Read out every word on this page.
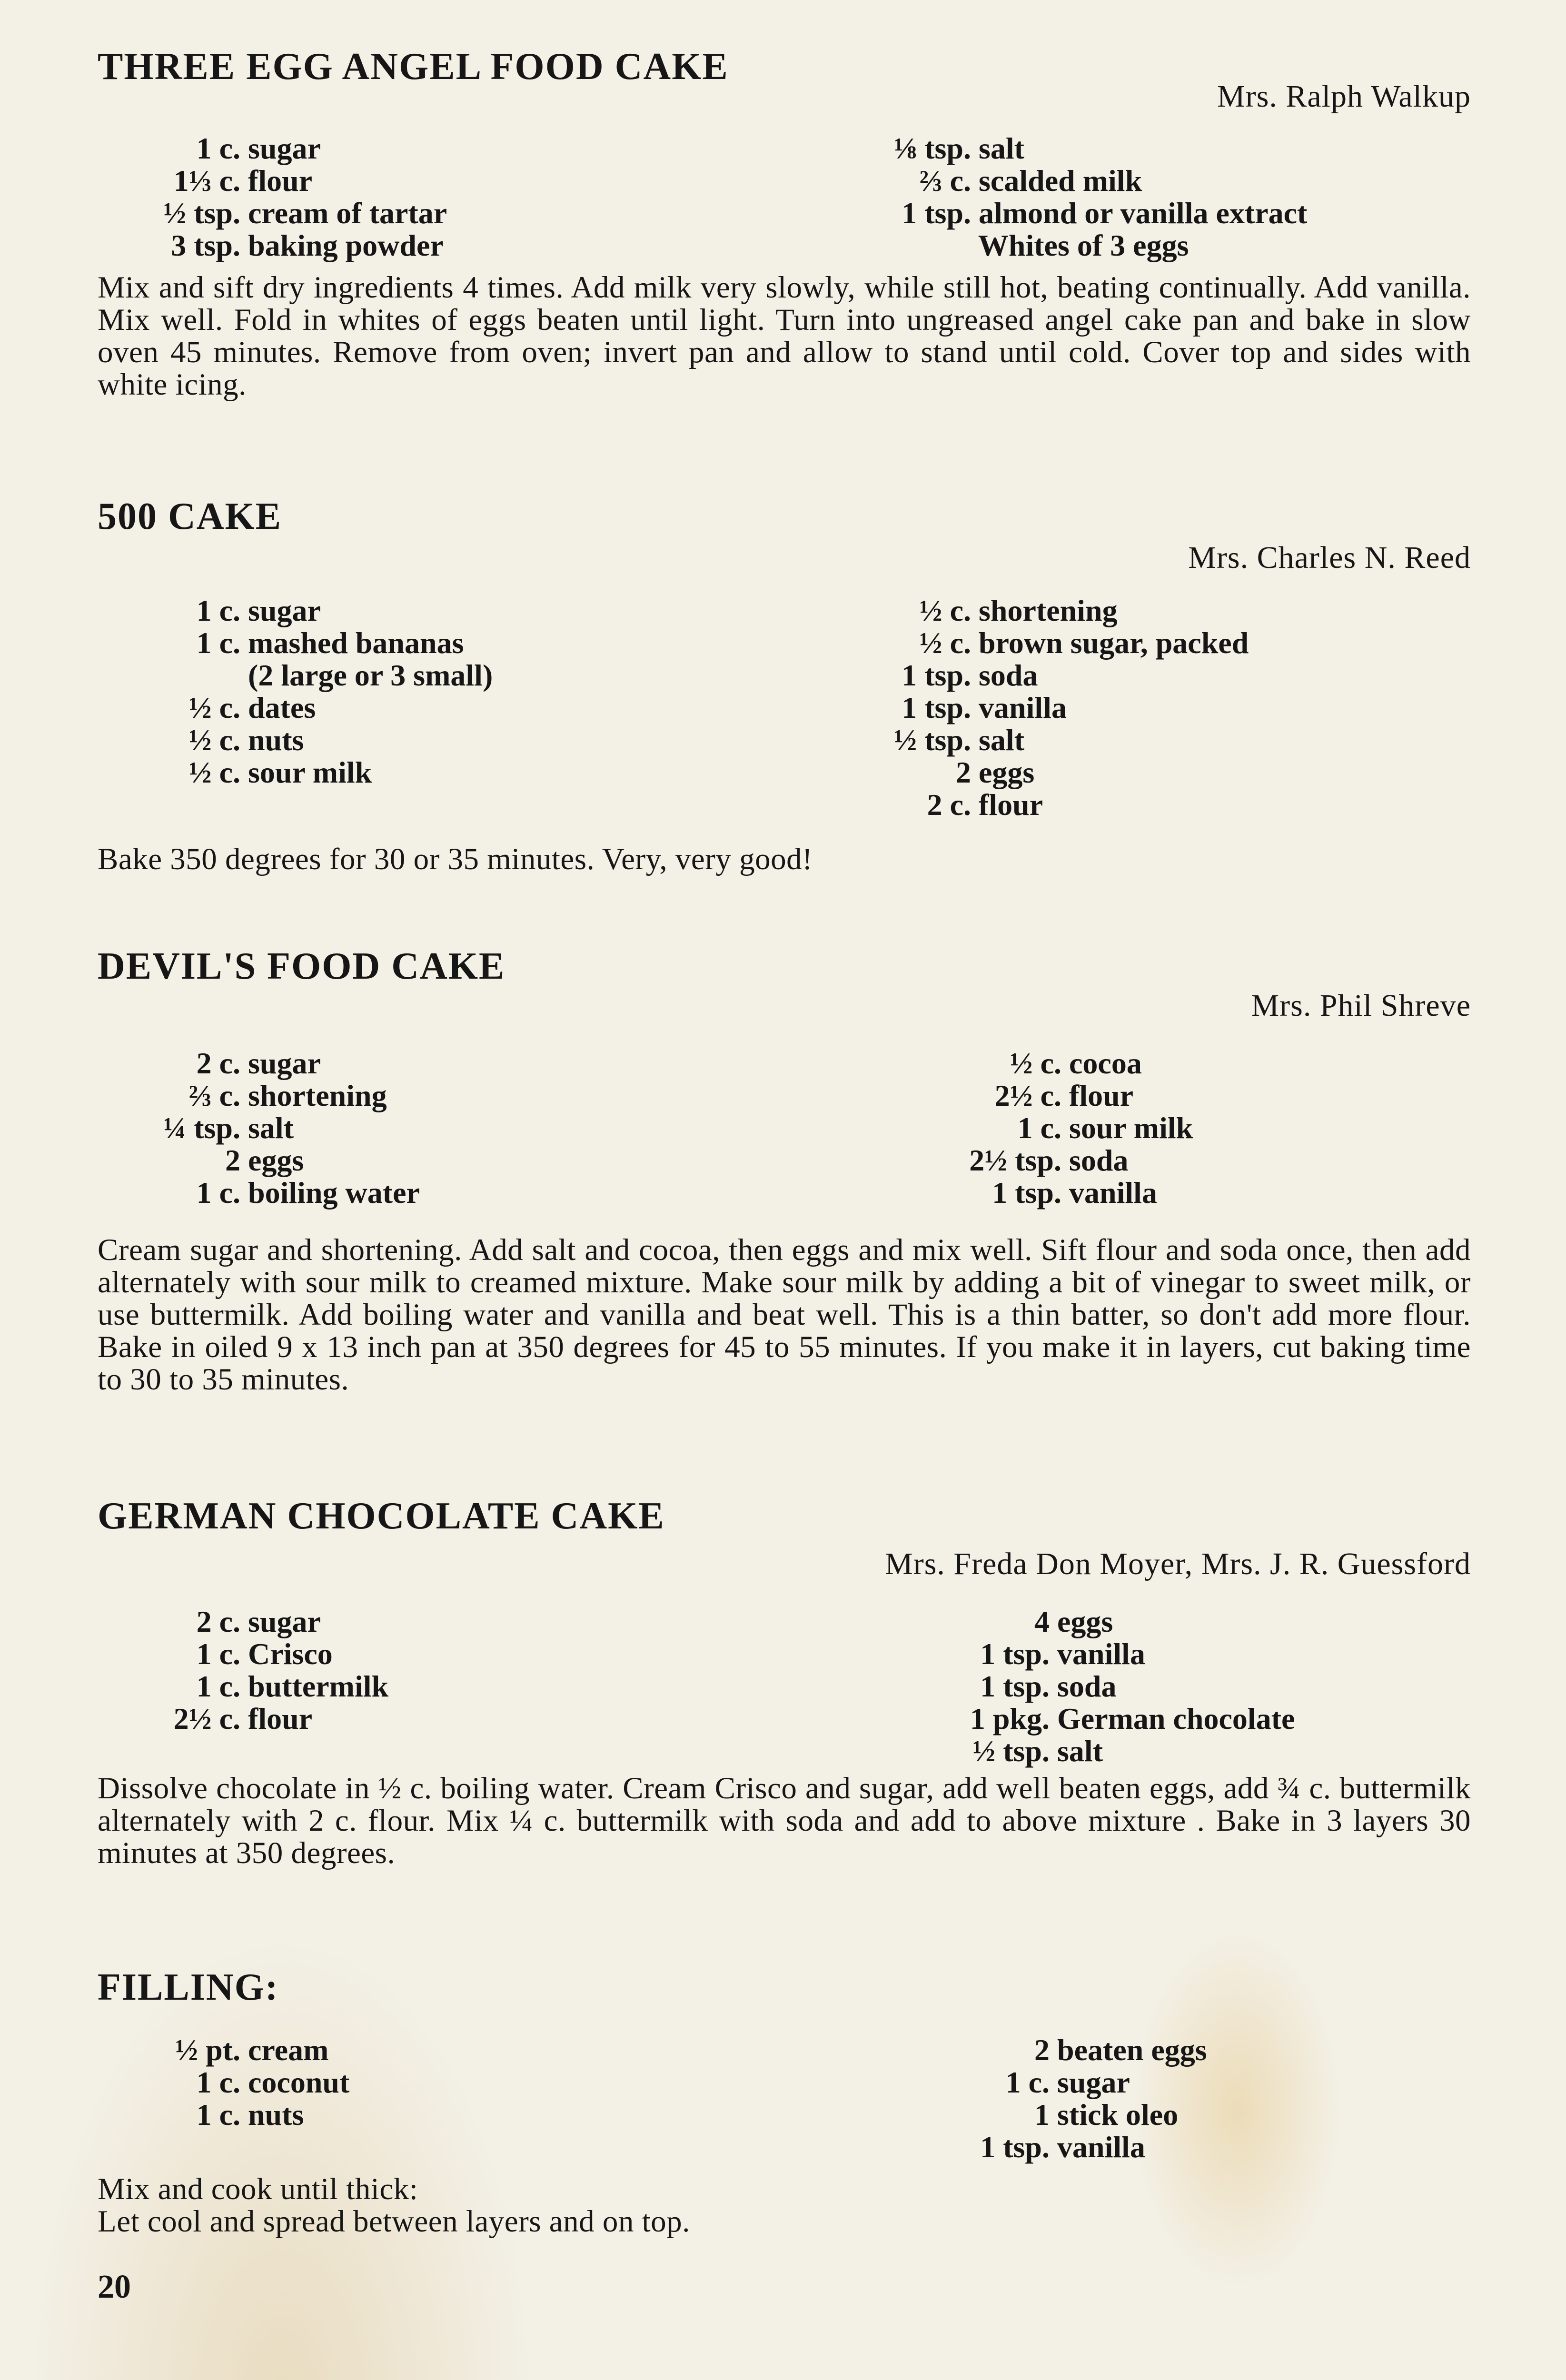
THREE EGG ANGEL FOOD CAKE

Mrs. Ralph Walkup

1 c. sugar
1⅓ c. flour
½ tsp. cream of tartar
3 tsp. baking powder
⅛ tsp. salt
⅔ c. scalded milk
1 tsp. almond or vanilla extract
Whites of 3 eggs

Mix and sift dry ingredients 4 times. Add milk very slowly, while still hot, beating continually. Add vanilla. Mix well. Fold in whites of eggs beaten until light. Turn into ungreased angel cake pan and bake in slow oven 45 minutes. Remove from oven; invert pan and allow to stand until cold. Cover top and sides with white icing.

500 CAKE

Mrs. Charles N. Reed

1 c. sugar
1 c. mashed bananas
(2 large or 3 small)
½ c. dates
½ c. nuts
½ c. sour milk
½ c. shortening
½ c. brown sugar, packed
1 tsp. soda
1 tsp. vanilla
½ tsp. salt
2 eggs
2 c. flour

Bake 350 degrees for 30 or 35 minutes. Very, very good!

DEVIL'S FOOD CAKE

Mrs. Phil Shreve

2 c. sugar
⅔ c. shortening
¼ tsp. salt
2 eggs
1 c. boiling water
½ c. cocoa
2½ c. flour
1 c. sour milk
2½ tsp. soda
1 tsp. vanilla

Cream sugar and shortening. Add salt and cocoa, then eggs and mix well. Sift flour and soda once, then add alternately with sour milk to creamed mixture. Make sour milk by adding a bit of vinegar to sweet milk, or use buttermilk. Add boiling water and vanilla and beat well. This is a thin batter, so don't add more flour. Bake in oiled 9 x 13 inch pan at 350 degrees for 45 to 55 minutes. If you make it in layers, cut baking time to 30 to 35 minutes.

GERMAN CHOCOLATE CAKE

Mrs. Freda Don Moyer, Mrs. J. R. Guessford

2 c. sugar
1 c. Crisco
1 c. buttermilk
2½ c. flour
4 eggs
1 tsp. vanilla
1 tsp. soda
1 pkg. German chocolate
½ tsp. salt

Dissolve chocolate in ½ c. boiling water. Cream Crisco and sugar, add well beaten eggs, add ¾ c. buttermilk alternately with 2 c. flour. Mix ¼ c. buttermilk with soda and add to above mixture . Bake in 3 layers 30 minutes at 350 degrees.

FILLING:

½ pt. cream
1 c. coconut
1 c. nuts
2 beaten eggs
1 c. sugar
1 stick oleo
1 tsp. vanilla

Mix and cook until thick:

Let cool and spread between layers and on top.

20
